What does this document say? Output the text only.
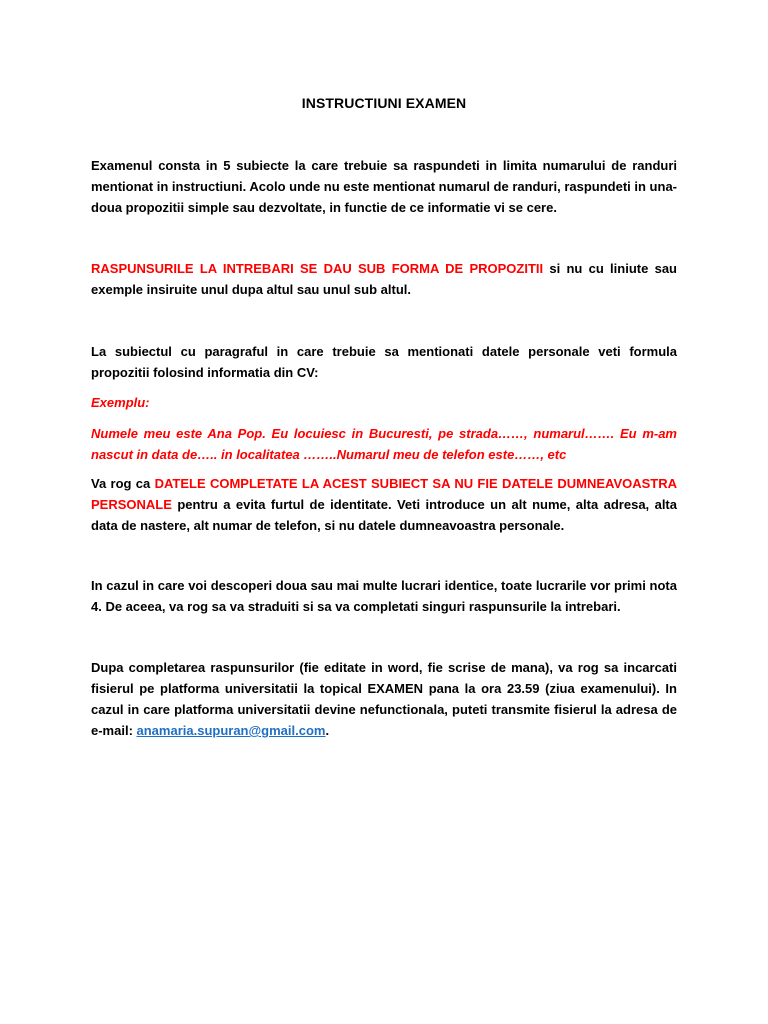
INSTRUCTIUNI EXAMEN
Examenul consta in 5 subiecte la care trebuie sa raspundeti in limita numarului de randuri mentionat in instructiuni. Acolo unde nu este mentionat numarul de randuri, raspundeti in una- doua propozitii simple sau dezvoltate, in functie de ce informatie vi se cere.
RASPUNSURILE LA INTREBARI SE DAU SUB FORMA DE PROPOZITII si nu cu liniute sau exemple insiruite unul dupa altul sau unul sub altul.
La subiectul cu paragraful in care trebuie sa mentionati datele personale veti formula propozitii folosind informatia din CV:
Exemplu:
Numele meu este Ana Pop. Eu locuiesc in Bucuresti, pe strada……, numarul……. Eu m-am nascut in data de….. in localitatea ……..Numarul meu de telefon este……, etc
Va rog ca DATELE COMPLETATE LA ACEST SUBIECT SA NU FIE DATELE DUMNEAVOASTRA PERSONALE pentru a evita furtul de identitate. Veti introduce un alt nume, alta adresa, alta data de nastere, alt numar de telefon, si nu datele dumneavoastra personale.
In cazul in care voi descoperi doua sau mai multe lucrari identice, toate lucrarile vor primi nota 4. De aceea, va rog sa va straduiti si sa va completati singuri raspunsurile la intrebari.
Dupa completarea raspunsurilor (fie editate in word, fie scrise de mana), va rog sa incarcati fisierul pe platforma universitatii la topical EXAMEN pana la ora 23.59 (ziua examenului). In cazul in care platforma universitatii devine nefunctionala, puteti transmite fisierul la adresa de e-mail: anamaria.supuran@gmail.com.
